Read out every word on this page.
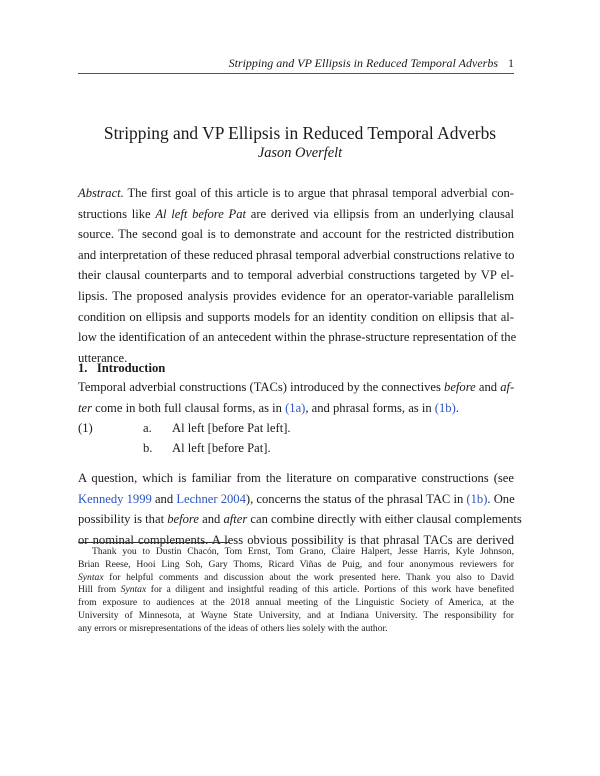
Stripping and VP Ellipsis in Reduced Temporal Adverbs 1
Stripping and VP Ellipsis in Reduced Temporal Adverbs
Jason Overfelt
Abstract. The first goal of this article is to argue that phrasal temporal adverbial con-
structions like Al left before Pat are derived via ellipsis from an underlying clausal
source. The second goal is to demonstrate and account for the restricted distribution
and interpretation of these reduced phrasal temporal adverbial constructions relative to
their clausal counterparts and to temporal adverbial constructions targeted by VP el-
lipsis. The proposed analysis provides evidence for an operator-variable parallelism
condition on ellipsis and supports models for an identity condition on ellipsis that al-
low the identification of an antecedent within the phrase-structure representation of the
utterance.
1. Introduction
Temporal adverbial constructions (TACs) introduced by the connectives before and af-
ter come in both full clausal forms, as in (1a), and phrasal forms, as in (1b).
(1)	a. Al left [before Pat left].
b. Al left [before Pat].
A question, which is familiar from the literature on comparative constructions (see
Kennedy 1999 and Lechner 2004), concerns the status of the phrasal TAC in (1b). One
possibility is that before and after can combine directly with either clausal complements
or nominal complements. A less obvious possibility is that phrasal TACs are derived
Thank you to Dustin Chacón, Tom Ernst, Tom Grano, Claire Halpert, Jesse Harris, Kyle Johnson,
Brian Reese, Hooi Ling Soh, Gary Thoms, Ricard Viñas de Puig, and four anonymous reviewers for
Syntax for helpful comments and discussion about the work presented here. Thank you also to David
Hill from Syntax for a diligent and insightful reading of this article. Portions of this work have benefited
from exposure to audiences at the 2018 annual meeting of the Linguistic Society of America, at the
University of Minnesota, at Wayne State University, and at Indiana University. The responsibility for
any errors or misrepresentations of the ideas of others lies solely with the author.
